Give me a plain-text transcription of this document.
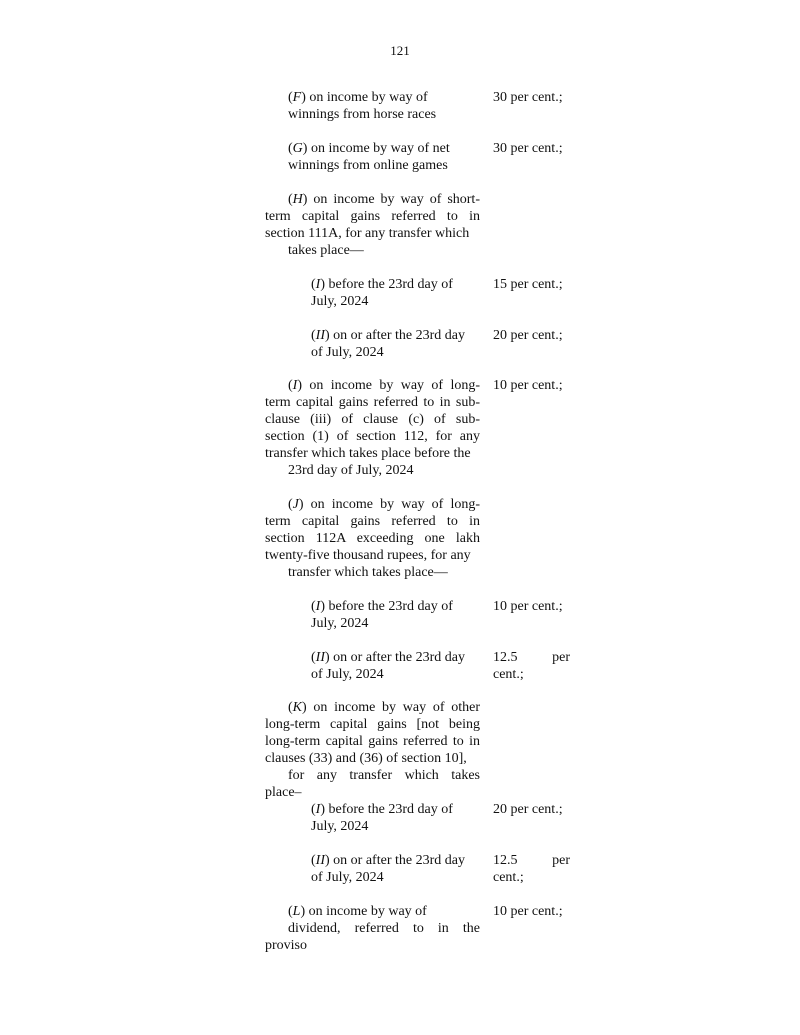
121
(F) on income by way of
winnings from horse races
30 per cent.;
(G) on income by way of net
winnings from online games
30 per cent.;
(H) on income by way of short- term capital gains referred to in section 111A, for any transfer which
takes place—
(I) before the 23rd day of
July, 2024
15 per cent.;
(II) on or after the 23rd day
of July, 2024
20 per cent.;
(I) on income by way of long- term capital gains referred to in sub- clause (iii) of clause (c) of sub- section (1) of section 112, for any transfer which takes place before the
23rd day of July, 2024
10 per cent.;
(J) on income by way of long- term capital gains referred to in section 112A exceeding one lakh twenty-five thousand rupees, for any
transfer which takes place—
(I) before the 23rd day of
July, 2024
10 per cent.;
(II) on or after the 23rd day
of July, 2024
12.5 per
cent.;
(K) on income by way of other long-term capital gains [not being long-term capital gains referred to in clauses (33) and (36) of section 10],
for any transfer which takes place–
(I) before the 23rd day of
July, 2024
20 per cent.;
(II) on or after the 23rd day
of July, 2024
12.5 per
cent.;
(L) on income by way of
dividend, referred to in the proviso
10 per cent.;
